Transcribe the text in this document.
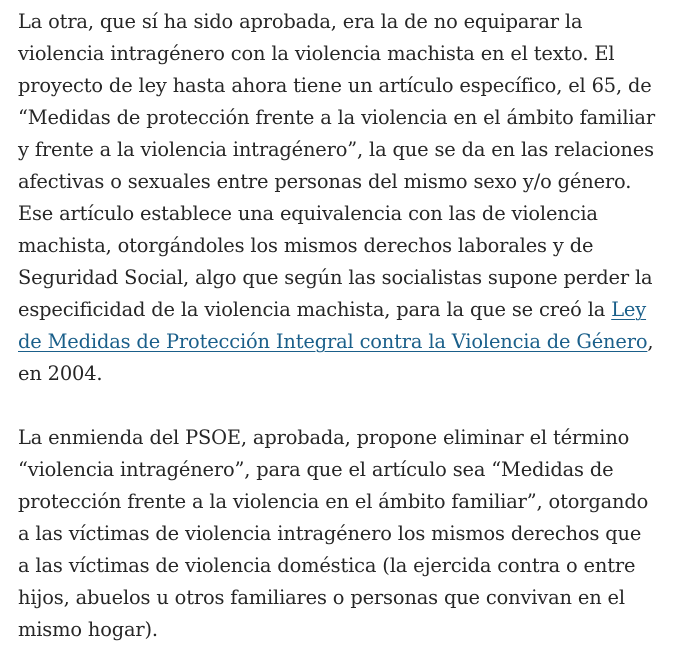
La otra, que sí ha sido aprobada, era la de no equiparar la
violencia intragénero con la violencia machista en el texto. El
proyecto de ley hasta ahora tiene un artículo específico, el 65, de
“Medidas de protección frente a la violencia en el ámbito familiar
y frente a la violencia intragénero”, la que se da en las relaciones
afectivas o sexuales entre personas del mismo sexo y/o género.
Ese artículo establece una equivalencia con las de violencia
machista, otorgándoles los mismos derechos laborales y de
Seguridad Social, algo que según las socialistas supone perder la
especificidad de la violencia machista, para la que se creó la Ley
de Medidas de Protección Integral contra la Violencia de Género,
en 2004.

La enmienda del PSOE, aprobada, propone eliminar el término
“violencia intragénero”, para que el artículo sea “Medidas de
protección frente a la violencia en el ámbito familiar”, otorgando
a las víctimas de violencia intragénero los mismos derechos que
a las víctimas de violencia doméstica (la ejercida contra o entre
hijos, abuelos u otros familiares o personas que convivan en el
mismo hogar).
